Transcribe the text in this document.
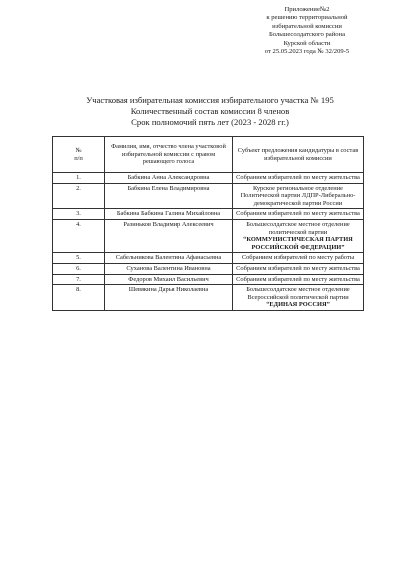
Приложение№2
к решению территориальной
избирательной комиссии
Большесолдатского района
Курской области
от 25.05.2023 года № 32/209-5
Участковая избирательная комиссия избирательного участка № 195
Количественный состав комиссии 8 членов
Срок полномочий пять лет (2023 - 2028 гг.)
№
п/п	Фамилия, имя, отчество члена участковой избирательной комиссии с правом решающего голоса	Субъект предложения кандидатуры в состав избирательной комиссии
1.	Бабкина Анна Александровна	Собранием избирателей по месту жительства
2.	Бабкина Елена Владимировна	Курское региональное отделение Политической партии ЛДПР-Либерально-демократической партии России
3.	Бабкина Бабкина Галина Михайловна	Собранием избирателей по месту жительства
4.	Разиньков Владимир Алексеевич	Большесолдатское местное отделение политической партии “КОММУНИСТИЧЕСКАЯ ПАРТИЯ РОССИЙСКОЙ ФЕДЕРАЦИИ”
5.	Сабельникова Валентина Афанасьевна	Собранием избирателей по месту работы
6.	Суханова Валентина Ивановна	Собранием избирателей по месту жительства
7.	Федоров Михаил Васильевич	Собранием избирателей по месту жительства
8.	Шевякина Дарья Николаевна	Большесолдатское местное отделение Всероссийской политической партии “ЕДИНАЯ РОССИЯ”
